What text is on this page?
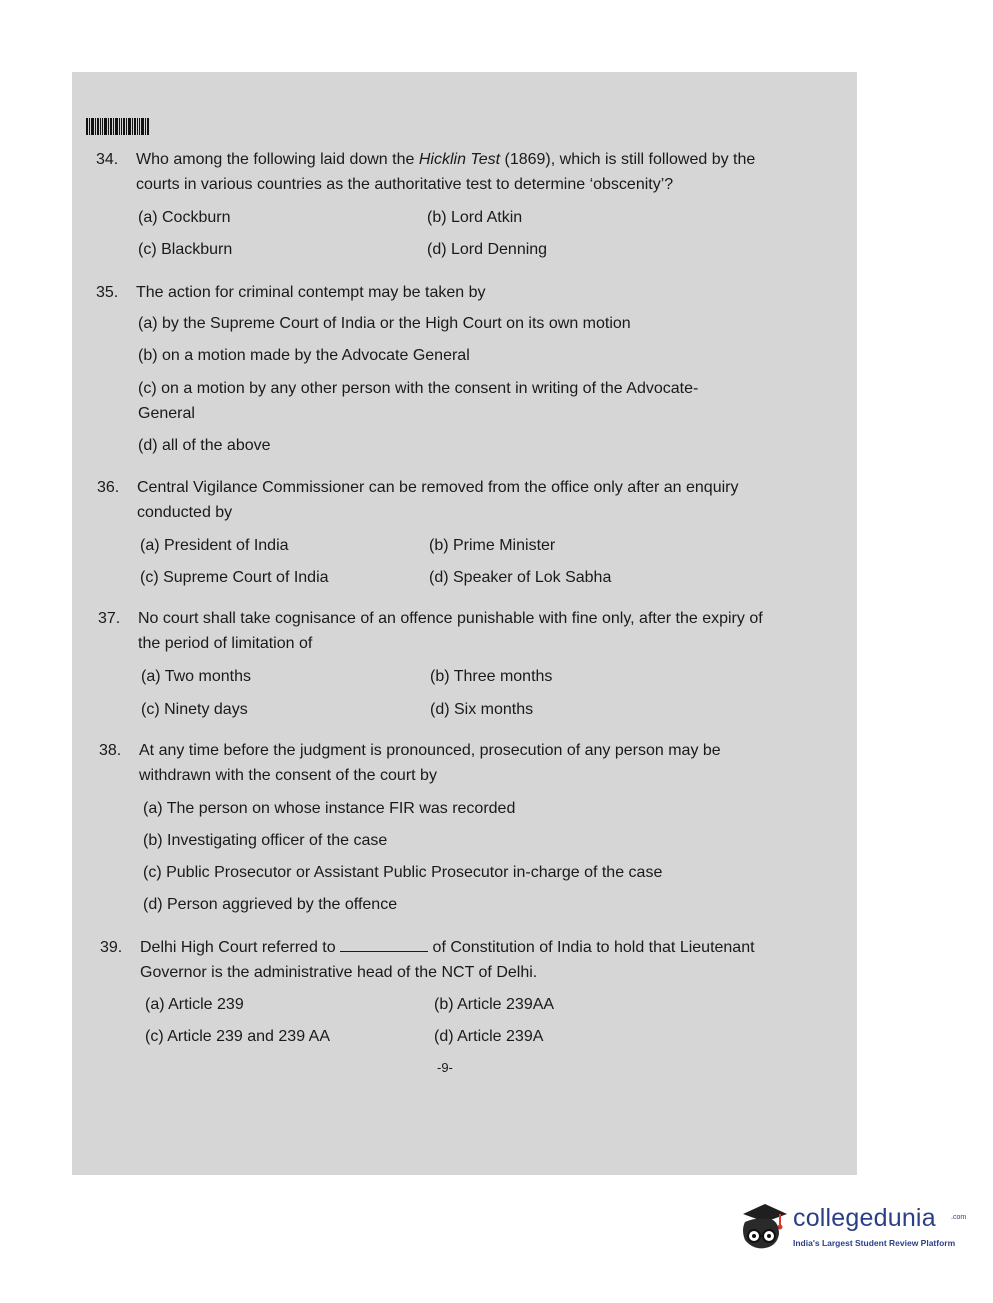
34.	Who among the following laid down the Hicklin Test (1869), which is still followed by the courts in various countries as the authoritative test to determine ‘obscenity’?
(a) Cockburn	(b) Lord Atkin
(c) Blackburn	(d) Lord Denning
35.	The action for criminal contempt may be taken by
(a) by the Supreme Court of India or the High Court on its own motion
(b) on a motion made by the Advocate General
(c) on a motion by any other person with the consent in writing of the Advocate-General
(d) all of the above
36.	Central Vigilance Commissioner can be removed from the office only after an enquiry conducted by
(a) President of India	(b) Prime Minister
(c) Supreme Court of India	(d) Speaker of Lok Sabha
37.	No court shall take cognisance of an offence punishable with fine only, after the expiry of the period of limitation of
(a) Two months	(b) Three months
(c) Ninety days	(d) Six months
38.	At any time before the judgment is pronounced, prosecution of any person may be withdrawn with the consent of the court by
(a) The person on whose instance FIR was recorded
(b) Investigating officer of the case
(c) Public Prosecutor or Assistant Public Prosecutor in-charge of the case
(d) Person aggrieved by the offence
39.	Delhi High Court referred to	of Constitution of India to hold that Lieutenant Governor is the administrative head of the NCT of Delhi.
(a) Article 239	(b) Article 239AA
(c) Article 239 and 239 AA	(d) Article 239A
-9-
collegedunia .com
India's Largest Student Review Platform
